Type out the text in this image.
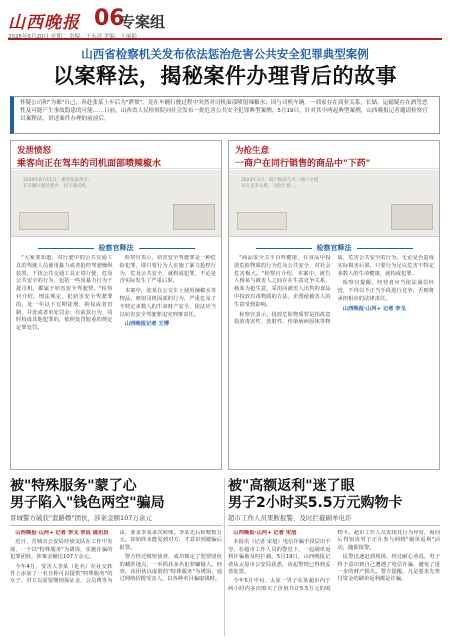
山西晚报 06
专案组
2025年5月20日 星期二 责编：王永清 美编：王丽娟
山西省检察机关发布依法惩治危害公共安全犯罪典型案例
以案释法，揭秘案件办理背后的故事
怀疑公司和"为难"自己，奔赴张某上车后为"泄愤"，竟在车辆行驶过程中突然对司机面部喷射辣椒水；因与司机车辆，一商家存在商业关系，长储、运输疑存在酒驾恶性及可能产生事故隐患的可能……日前，山西省人民检察院向社会发布一批危害公共安全犯罪典型案例。5月19日，针对其中两起典型案例，山西晚报记者邀请检察官以案释法，讲述案件办理的前前后。
发泄愤怒
乘客向正在驾车的司机面部喷辣椒水
2024年8月11日，乘客张某坐车,
在车辆行驶过程中，因不满司机...
检察官释法

"大家要知道，对行驶中的公共交通工具的驾驶人员使用暴力或者抢控驾驶操纵装置，干扰公共交通工具正常行驶，危及公共安全的行为，包括一些用暴力行为干扰司机，都属于妨害安全驾驶罪。"检察官介绍，刑法规定，犯妨害安全驾驶罪的，处一年以下有期徒刑、拘役或者管制，并处或者单处罚金；有前款行为，同时构成其他犯罪的，依照处罚较重的规定定罪处罚。

检察官表示，妨害安全驾驶罪是一种危险犯罪，即只要行为人实施了暴力抢控行为，危及公共安全，就构成犯罪，不论是否实际发生了严重后果。

本案中，张某在公交车上使用辣椒水等物品，喷射司机面部的行为，严重危及了不特定多数人的生命财产安全，依法应当以妨害安全驾驶罪追究刑事责任。

山西晚报记者 王博

为抢生意
一商户在同行销售的商品中"下药"
2023年3月，商户杨某与另一商户之间
存在竞争关系，为抢生意……
检察官释法

"商品安全关乎百姓健康，在食品中投放危险物质的行为危及公共安全，对社会危害极大。"检察官介绍，本案中，被告人杨某与被害人之间存在生意竞争关系，杨某为抢生意，采用向被害人出售的食品中投放有毒物质的方法，企图使被害人的生意受到影响。

检察官表示，投放危险物质罪是指故意投放毒害性、放射性、传染病病原体等物质，危害公共安全的行为。无论是否造成实际损害后果，只要行为足以危害不特定多数人的生命健康，就构成犯罪。

检察官提醒，经营者应当依法诚信经营，不得以不正当手段进行竞争，否则将承担相应的法律责任。

山西晚报·山河+ 记者 李戈

被"特殊服务"蒙了心
男子陷入"钱色两空"骗局
晋城警方破获"套路嫖"团伙，涉案金额107万余元

山西晚报·山河+ 记者 李戈 李昌 通讯员

近日，晋城市公安局经侦支队在工作中发现，一个以"特殊服务"为诱饵，实施诈骗的犯罪团伙，涉案金额达107万余元。

今年4月，受害人李某（化名）在社交软件上添加了一名自称可以提供"特殊服务"的女子，对方以需要缴纳保证金、会员费等为由，要求李某多次转账。李某先后转账数万元，却始终未能见到对方，才意识到被骗后报警。

警方经过缜密侦查，成功锁定了犯罪团伙的藏匿地点，一举抓获多名犯罪嫌疑人。经查，该团伙以虚假的"特殊服务"为诱饵，通过网络招揽受害人，以各种名目骗取钱财。

被"高额返利"迷了眼
男子2小时买5.5万元购物卡
超市工作人员果断报警，及时拦截刷单电诈

山西晚报·山河+ 记者 宋旭

本报讯（记者 宋旭）电信诈骗手段层出不穷，在超市工作人员的警觉下，一起刷单返利诈骗被及时拦截。5月19日，山西晚报记者从太原市公安局获悉，该起警情已得到妥善处置。

今年5月中旬，太原一男子在某超市内于两小时内多次购买了价值共计5.5万元的购物卡。超市工作人员发现其行为异常，询问后得知该男子正在参与网络"刷单返利"活动，随即报警。

民警迅速赶到现场，经过耐心劝说，男子终于意识到自己遭遇了电信诈骗，避免了进一步的财产损失。警方提醒，凡是要求先垫付资金的刷单返利都是诈骗。
